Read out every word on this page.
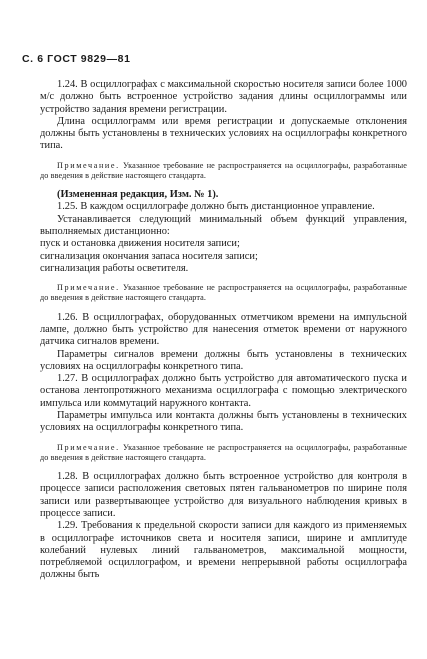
С. 6 ГОСТ 9829—81

1.24. В осциллографах с максимальной скоростью носителя записи более 1000 м/с должно быть встроенное устройство задания длины осциллограммы или устройство задания времени регистрации.

Длина осциллограмм или время регистрации и допускаемые отклонения должны быть установлены в технических условиях на осциллографы конкретного типа.

Примечание. Указанное требование не распространяется на осциллографы, разработанные до введения в действие настоящего стандарта.

(Измененная редакция, Изм. № 1).

1.25. В каждом осциллографе должно быть дистанционное управление.

Устанавливается следующий минимальный объем функций управления, выполняемых дистанционно:

пуск и остановка движения носителя записи;

сигнализация окончания запаса носителя записи;

сигнализация работы осветителя.

Примечание. Указанное требование не распространяется на осциллографы, разработанные до введения в действие настоящего стандарта.

1.26. В осциллографах, оборудованных отметчиком времени на импульсной лампе, должно быть устройство для нанесения отметок времени от наружного датчика сигналов времени.

Параметры сигналов времени должны быть установлены в технических условиях на осциллографы конкретного типа.

1.27. В осциллографах должно быть устройство для автоматического пуска и останова лентопротяжного механизма осциллографа с помощью электрического импульса или коммутаций наружного контакта.

Параметры импульса или контакта должны быть установлены в технических условиях на осциллографы конкретного типа.

Примечание. Указанное требование не распространяется на осциллографы, разработанные до введения в действие настоящего стандарта.

1.28. В осциллографах должно быть встроенное устройство для контроля в процессе записи расположения световых пятен гальванометров по ширине поля записи или развертывающее устройство для визуального наблюдения кривых в процессе записи.

1.29. Требования к предельной скорости записи для каждого из применяемых в осциллографе источников света и носителя записи, ширине и амплитуде колебаний нулевых линий гальванометров, максимальной мощности, потребляемой осциллографом, и времени непрерывной работы осциллографа должны быть
